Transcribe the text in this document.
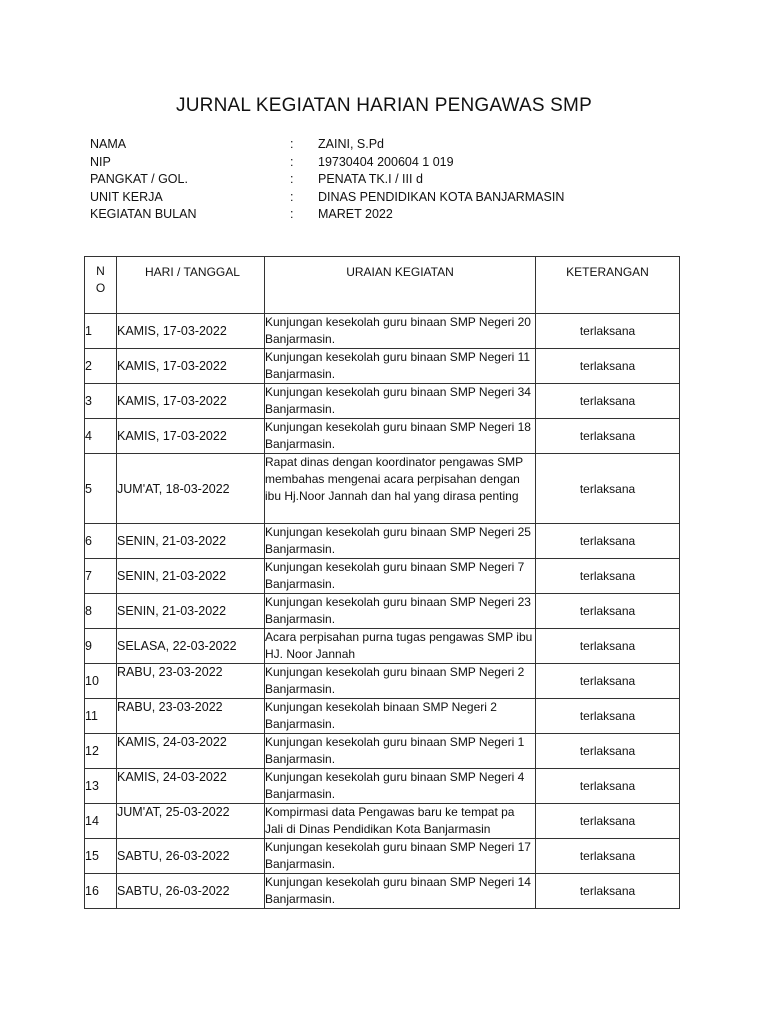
JURNAL KEGIATAN HARIAN PENGAWAS SMP
NAMA	: ZAINI, S.Pd
NIP	: 19730404 200604 1 019
PANGKAT / GOL.	: PENATA TK.I / III d
UNIT KERJA	: DINAS PENDIDIKAN KOTA BANJARMASIN
KEGIATAN BULAN	: MARET 2022
N
O	HARI / TANGGAL	URAIAN KEGIATAN	KETERANGAN
1	KAMIS, 17-03-2022	Kunjungan kesekolah guru binaan SMP Negeri 20 Banjarmasin.	terlaksana
2	KAMIS, 17-03-2022	Kunjungan kesekolah guru binaan SMP Negeri 11 Banjarmasin.	terlaksana
3	KAMIS, 17-03-2022	Kunjungan kesekolah guru binaan SMP Negeri 34 Banjarmasin.	terlaksana
4	KAMIS, 17-03-2022	Kunjungan kesekolah guru binaan SMP Negeri 18 Banjarmasin.	terlaksana
5	JUM'AT, 18-03-2022	Rapat dinas dengan koordinator pengawas SMP membahas mengenai acara perpisahan dengan ibu Hj.Noor Jannah dan hal yang dirasa penting	terlaksana
6	SENIN, 21-03-2022	Kunjungan kesekolah guru binaan SMP Negeri 25 Banjarmasin.	terlaksana
7	SENIN, 21-03-2022	Kunjungan kesekolah guru binaan SMP Negeri 7 Banjarmasin.	terlaksana
8	SENIN, 21-03-2022	Kunjungan kesekolah guru binaan SMP Negeri 23 Banjarmasin.	terlaksana
9	SELASA, 22-03-2022	Acara perpisahan purna tugas pengawas SMP ibu HJ. Noor Jannah	terlaksana
10	RABU, 23-03-2022	Kunjungan kesekolah guru binaan SMP Negeri 2 Banjarmasin.	terlaksana
11	RABU, 23-03-2022	Kunjungan kesekolah binaan SMP Negeri 2 Banjarmasin.	terlaksana
12	KAMIS, 24-03-2022	Kunjungan kesekolah guru binaan SMP Negeri 1 Banjarmasin.	terlaksana
13	KAMIS, 24-03-2022	Kunjungan kesekolah guru binaan SMP Negeri 4 Banjarmasin.	terlaksana
14	JUM'AT, 25-03-2022	Kompirmasi data Pengawas baru ke tempat pa Jali di Dinas Pendidikan Kota Banjarmasin	terlaksana
15	SABTU, 26-03-2022	Kunjungan kesekolah guru binaan SMP Negeri 17 Banjarmasin.	terlaksana
16	SABTU, 26-03-2022	Kunjungan kesekolah guru binaan SMP Negeri 14 Banjarmasin.	terlaksana
